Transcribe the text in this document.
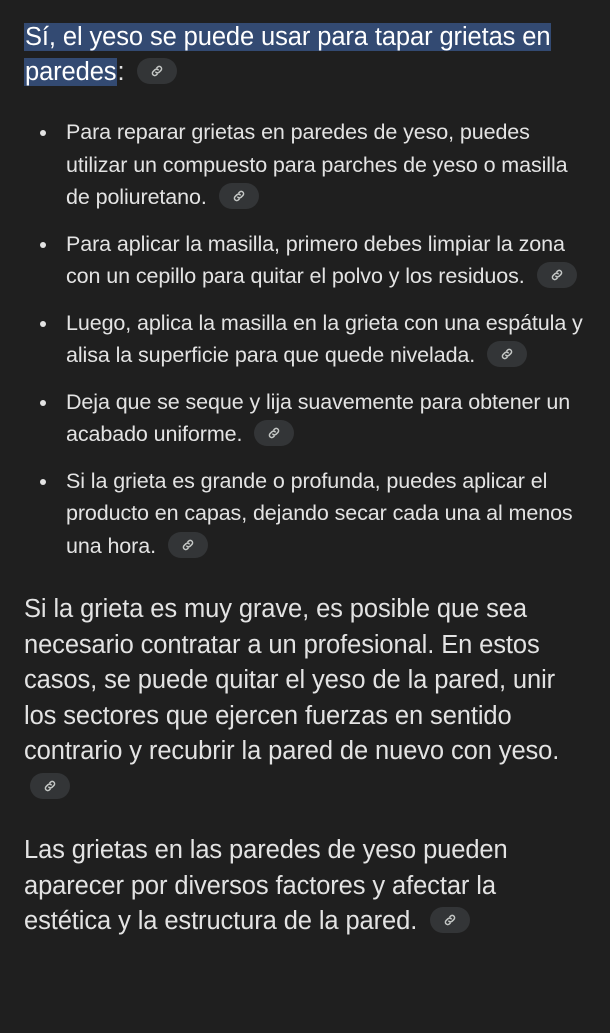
Sí, el yeso se puede usar para tapar grietas en paredes:
Para reparar grietas en paredes de yeso, puedes utilizar un compuesto para parches de yeso o masilla de poliuretano.
Para aplicar la masilla, primero debes limpiar la zona con un cepillo para quitar el polvo y los residuos.
Luego, aplica la masilla en la grieta con una espátula y alisa la superficie para que quede nivelada.
Deja que se seque y lija suavemente para obtener un acabado uniforme.
Si la grieta es grande o profunda, puedes aplicar el producto en capas, dejando secar cada una al menos una hora.

Si la grieta es muy grave, es posible que sea necesario contratar a un profesional. En estos casos, se puede quitar el yeso de la pared, unir los sectores que ejercen fuerzas en sentido contrario y recubrir la pared de nuevo con yeso.

Las grietas en las paredes de yeso pueden aparecer por diversos factores y afectar la estética y la estructura de la pared.
